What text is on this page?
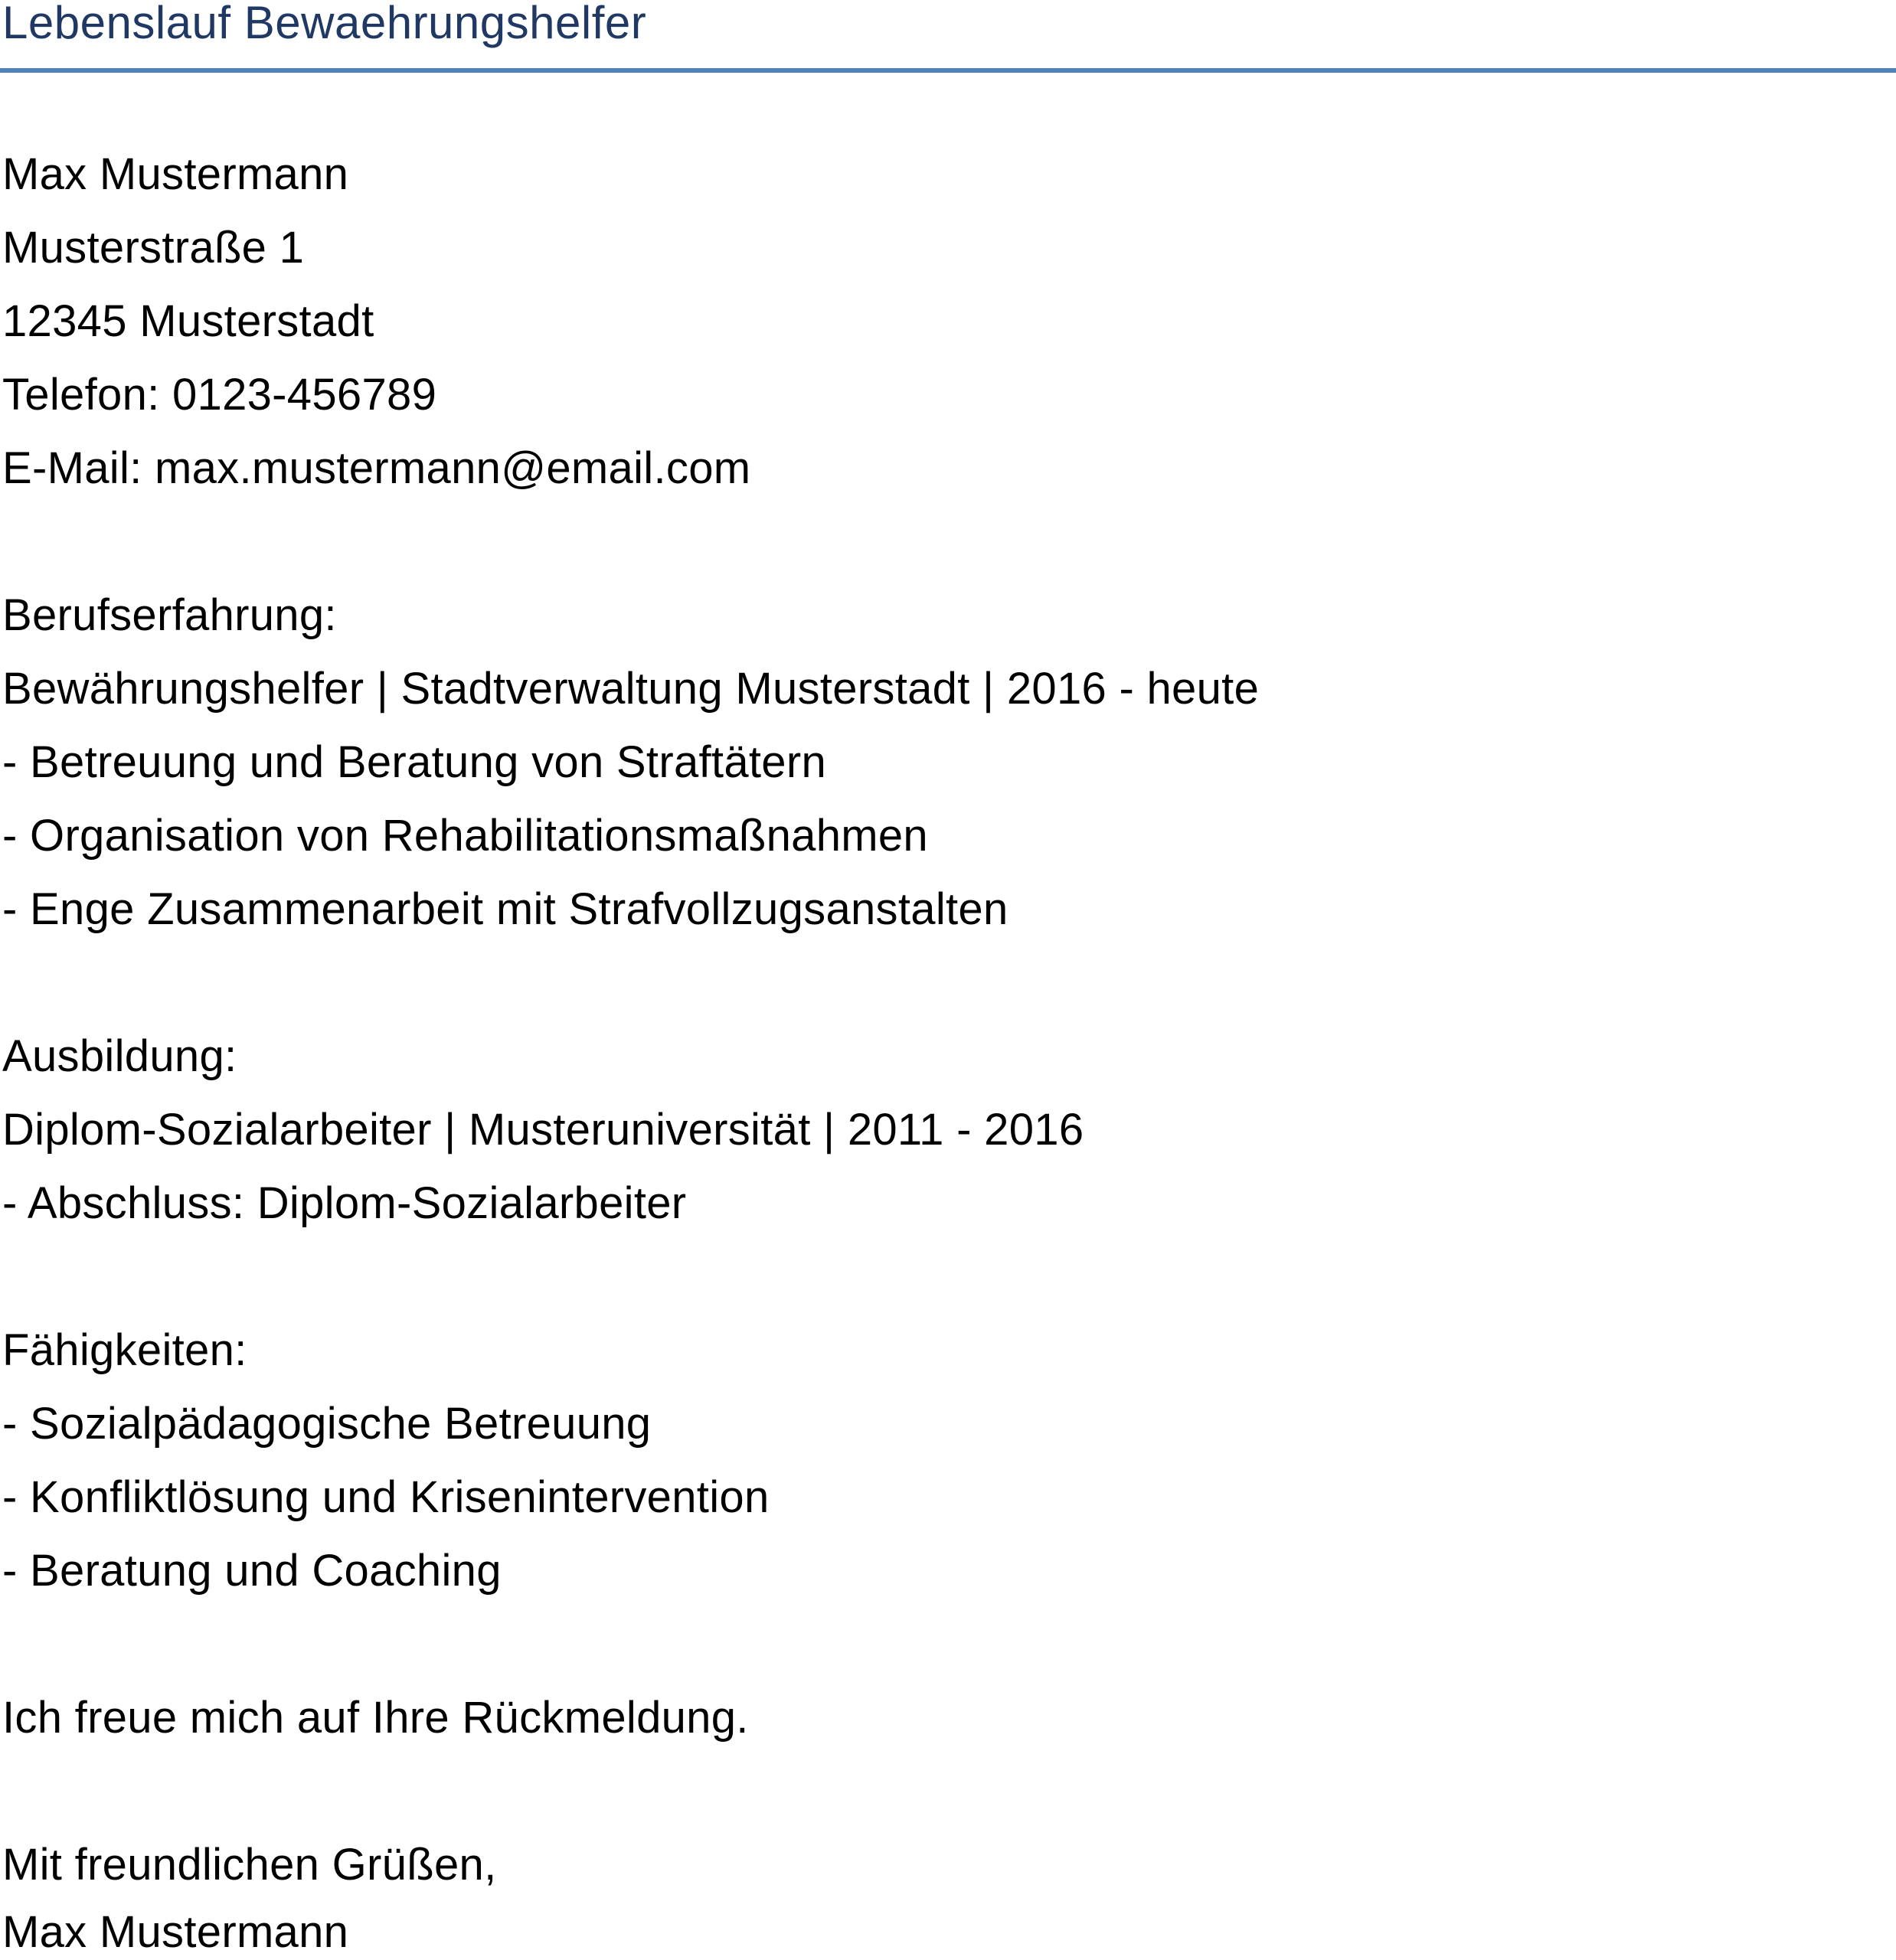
Lebenslauf Bewaehrungshelfer
Max Mustermann
Musterstraße 1
12345 Musterstadt
Telefon: 0123-456789
E-Mail: max.mustermann@email.com
Berufserfahrung:
Bewährungshelfer | Stadtverwaltung Musterstadt | 2016 - heute
- Betreuung und Beratung von Straftätern
- Organisation von Rehabilitationsmaßnahmen
- Enge Zusammenarbeit mit Strafvollzugsanstalten
Ausbildung:
Diplom-Sozialarbeiter | Musteruniversität | 2011 - 2016
- Abschluss: Diplom-Sozialarbeiter
Fähigkeiten:
- Sozialpädagogische Betreuung
- Konfliktlösung und Krisenintervention
- Beratung und Coaching
Ich freue mich auf Ihre Rückmeldung.
Mit freundlichen Grüßen,
Max Mustermann
